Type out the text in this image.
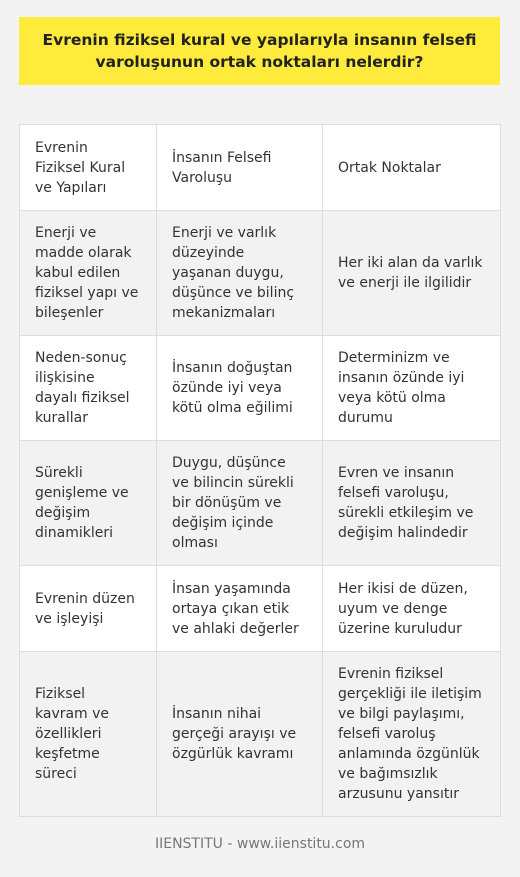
Evrenin fiziksel kural ve yapılarıyla insanın felsefi varoluşunun ortak noktaları nelerdir?
Evrenin Fiziksel Kural ve Yapıları	İnsanın Felsefi Varoluşu	Ortak Noktalar
Enerji ve madde olarak kabul edilen fiziksel yapı ve bileşenler	Enerji ve varlık düzeyinde yaşanan duygu, düşünce ve bilinç mekanizmaları	Her iki alan da varlık ve enerji ile ilgilidir
Neden-sonuç ilişkisine dayalı fiziksel kurallar	İnsanın doğuştan özünde iyi veya kötü olma eğilimi	Determinizm ve insanın özünde iyi veya kötü olma durumu
Sürekli genişleme ve değişim dinamikleri	Duygu, düşünce ve bilincin sürekli bir dönüşüm ve değişim içinde olması	Evren ve insanın felsefi varoluşu, sürekli etkileşim ve değişim halindedir
Evrenin düzen ve işleyişi	İnsan yaşamında ortaya çıkan etik ve ahlaki değerler	Her ikisi de düzen, uyum ve denge üzerine kuruludur
Fiziksel kavram ve özellikleri keşfetme süreci	İnsanın nihai gerçeği arayışı ve özgürlük kavramı	Evrenin fiziksel gerçekliği ile iletişim ve bilgi paylaşımı, felsefi varoluş anlamında özgünlük ve bağımsızlık arzusunu yansıtır
IIENSTITU - www.iienstitu.com
